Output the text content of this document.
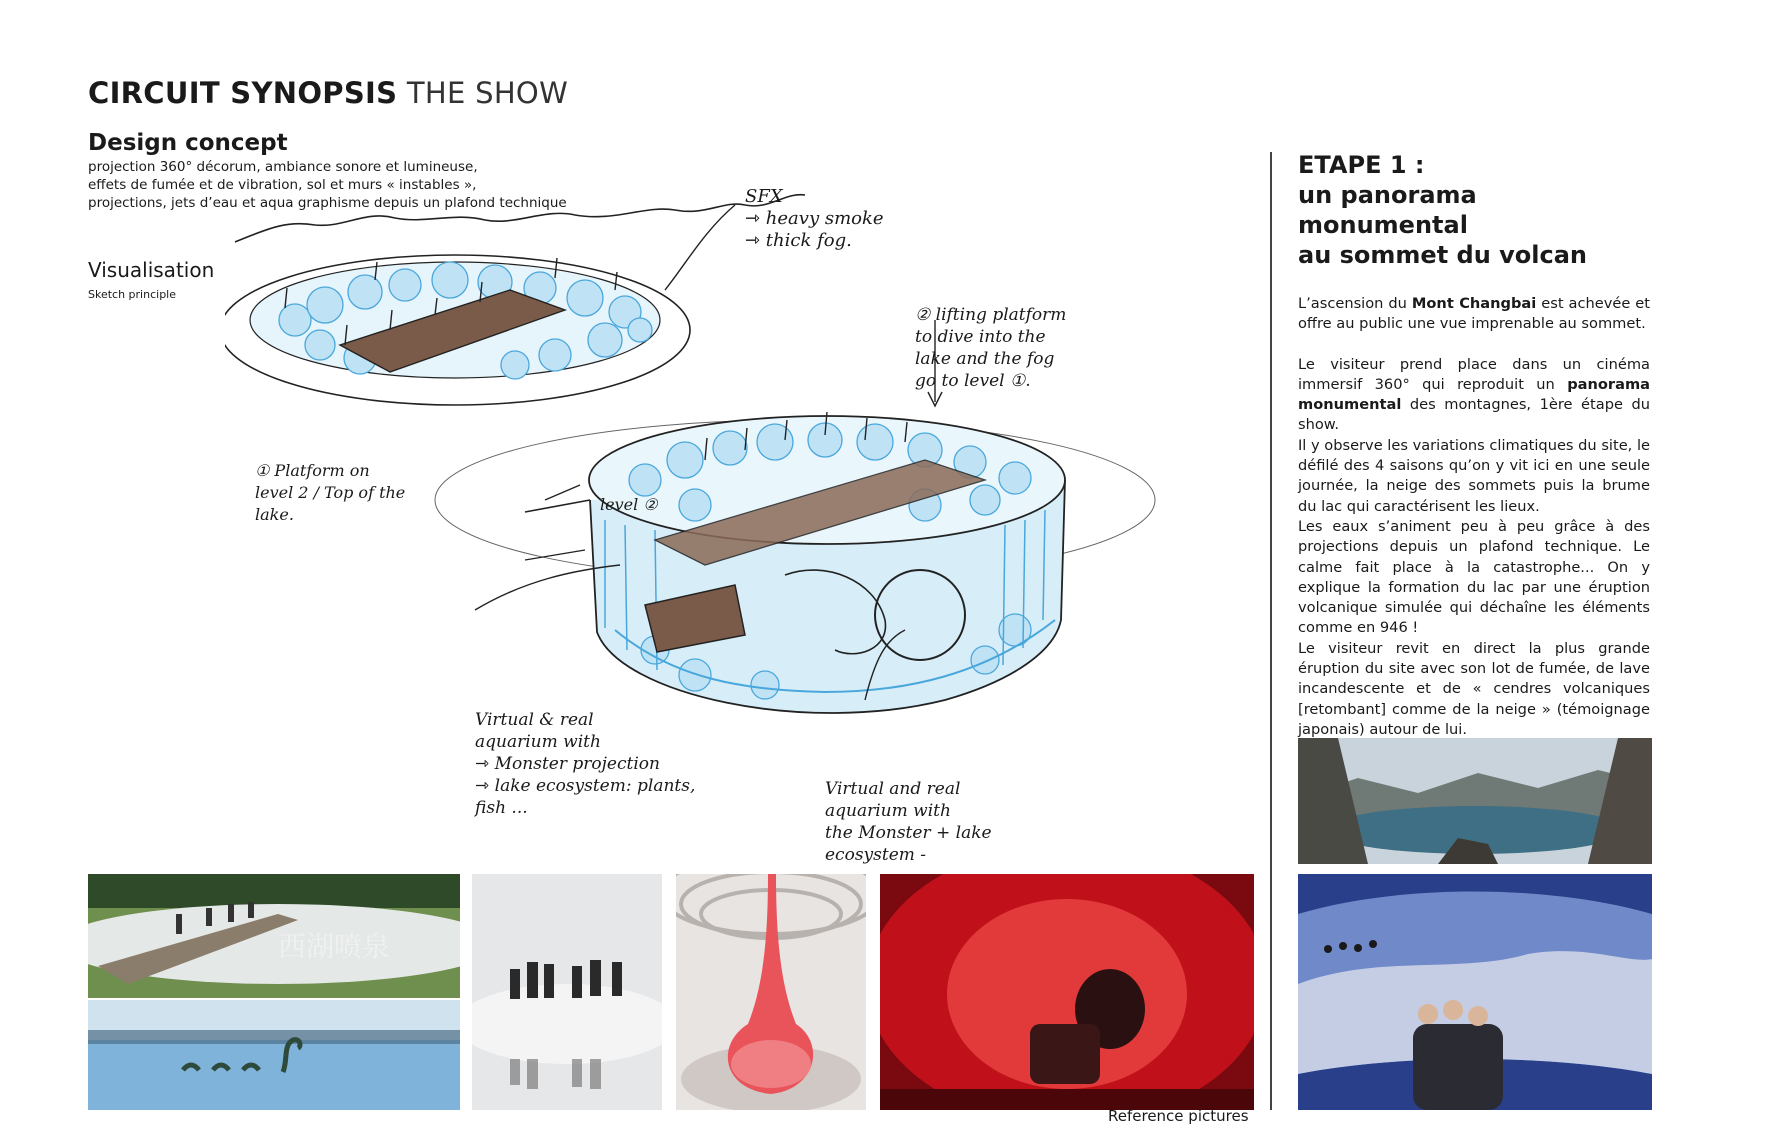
CIRCUIT SYNOPSIS THE SHOW
Design concept
projection 360° décorum, ambiance sonore et lumineuse,
effets de fumée et de vibration, sol et murs « instables »,
projections, jets d’eau et aqua graphisme depuis un plafond technique
Visualisation
Sketch principle
SFX ⇾ heavy smoke ⇾ thick fog.
① Platform on level 2 / Top of the lake.
② lifting platform to dive into the lake and the fog go to level ①.
level ②
Virtual & real aquarium with ⇾ Monster projection ⇾ lake ecosystem: plants, fish ...
Virtual and real aquarium with the Monster + lake ecosystem -
西湖喷泉
Reference pictures
ETAPE 1 :
un panorama
monumental
au sommet du volcan

L’ascension du Mont Changbai est achevée et offre au public une vue imprenable au sommet.

Le visiteur prend place dans un cinéma immersif 360° qui reproduit un panorama monumental des montagnes, 1ère étape du show.

Il y observe les variations climatiques du site, le défilé des 4 saisons qu’on y vit ici en une seule journée, la neige des sommets puis la brume du lac qui caractérisent les lieux.

Les eaux s’animent peu à peu grâce à des projections depuis un plafond technique. Le calme fait place à la catastrophe... On y explique la formation du lac par une éruption volcanique simulée qui déchaîne les éléments comme en 946 !

Le visiteur revit en direct la plus grande éruption du site avec son lot de fumée, de lave incandescente et de « cendres volcaniques [retombant] comme de la neige » (témoignage japonais) autour de lui.
